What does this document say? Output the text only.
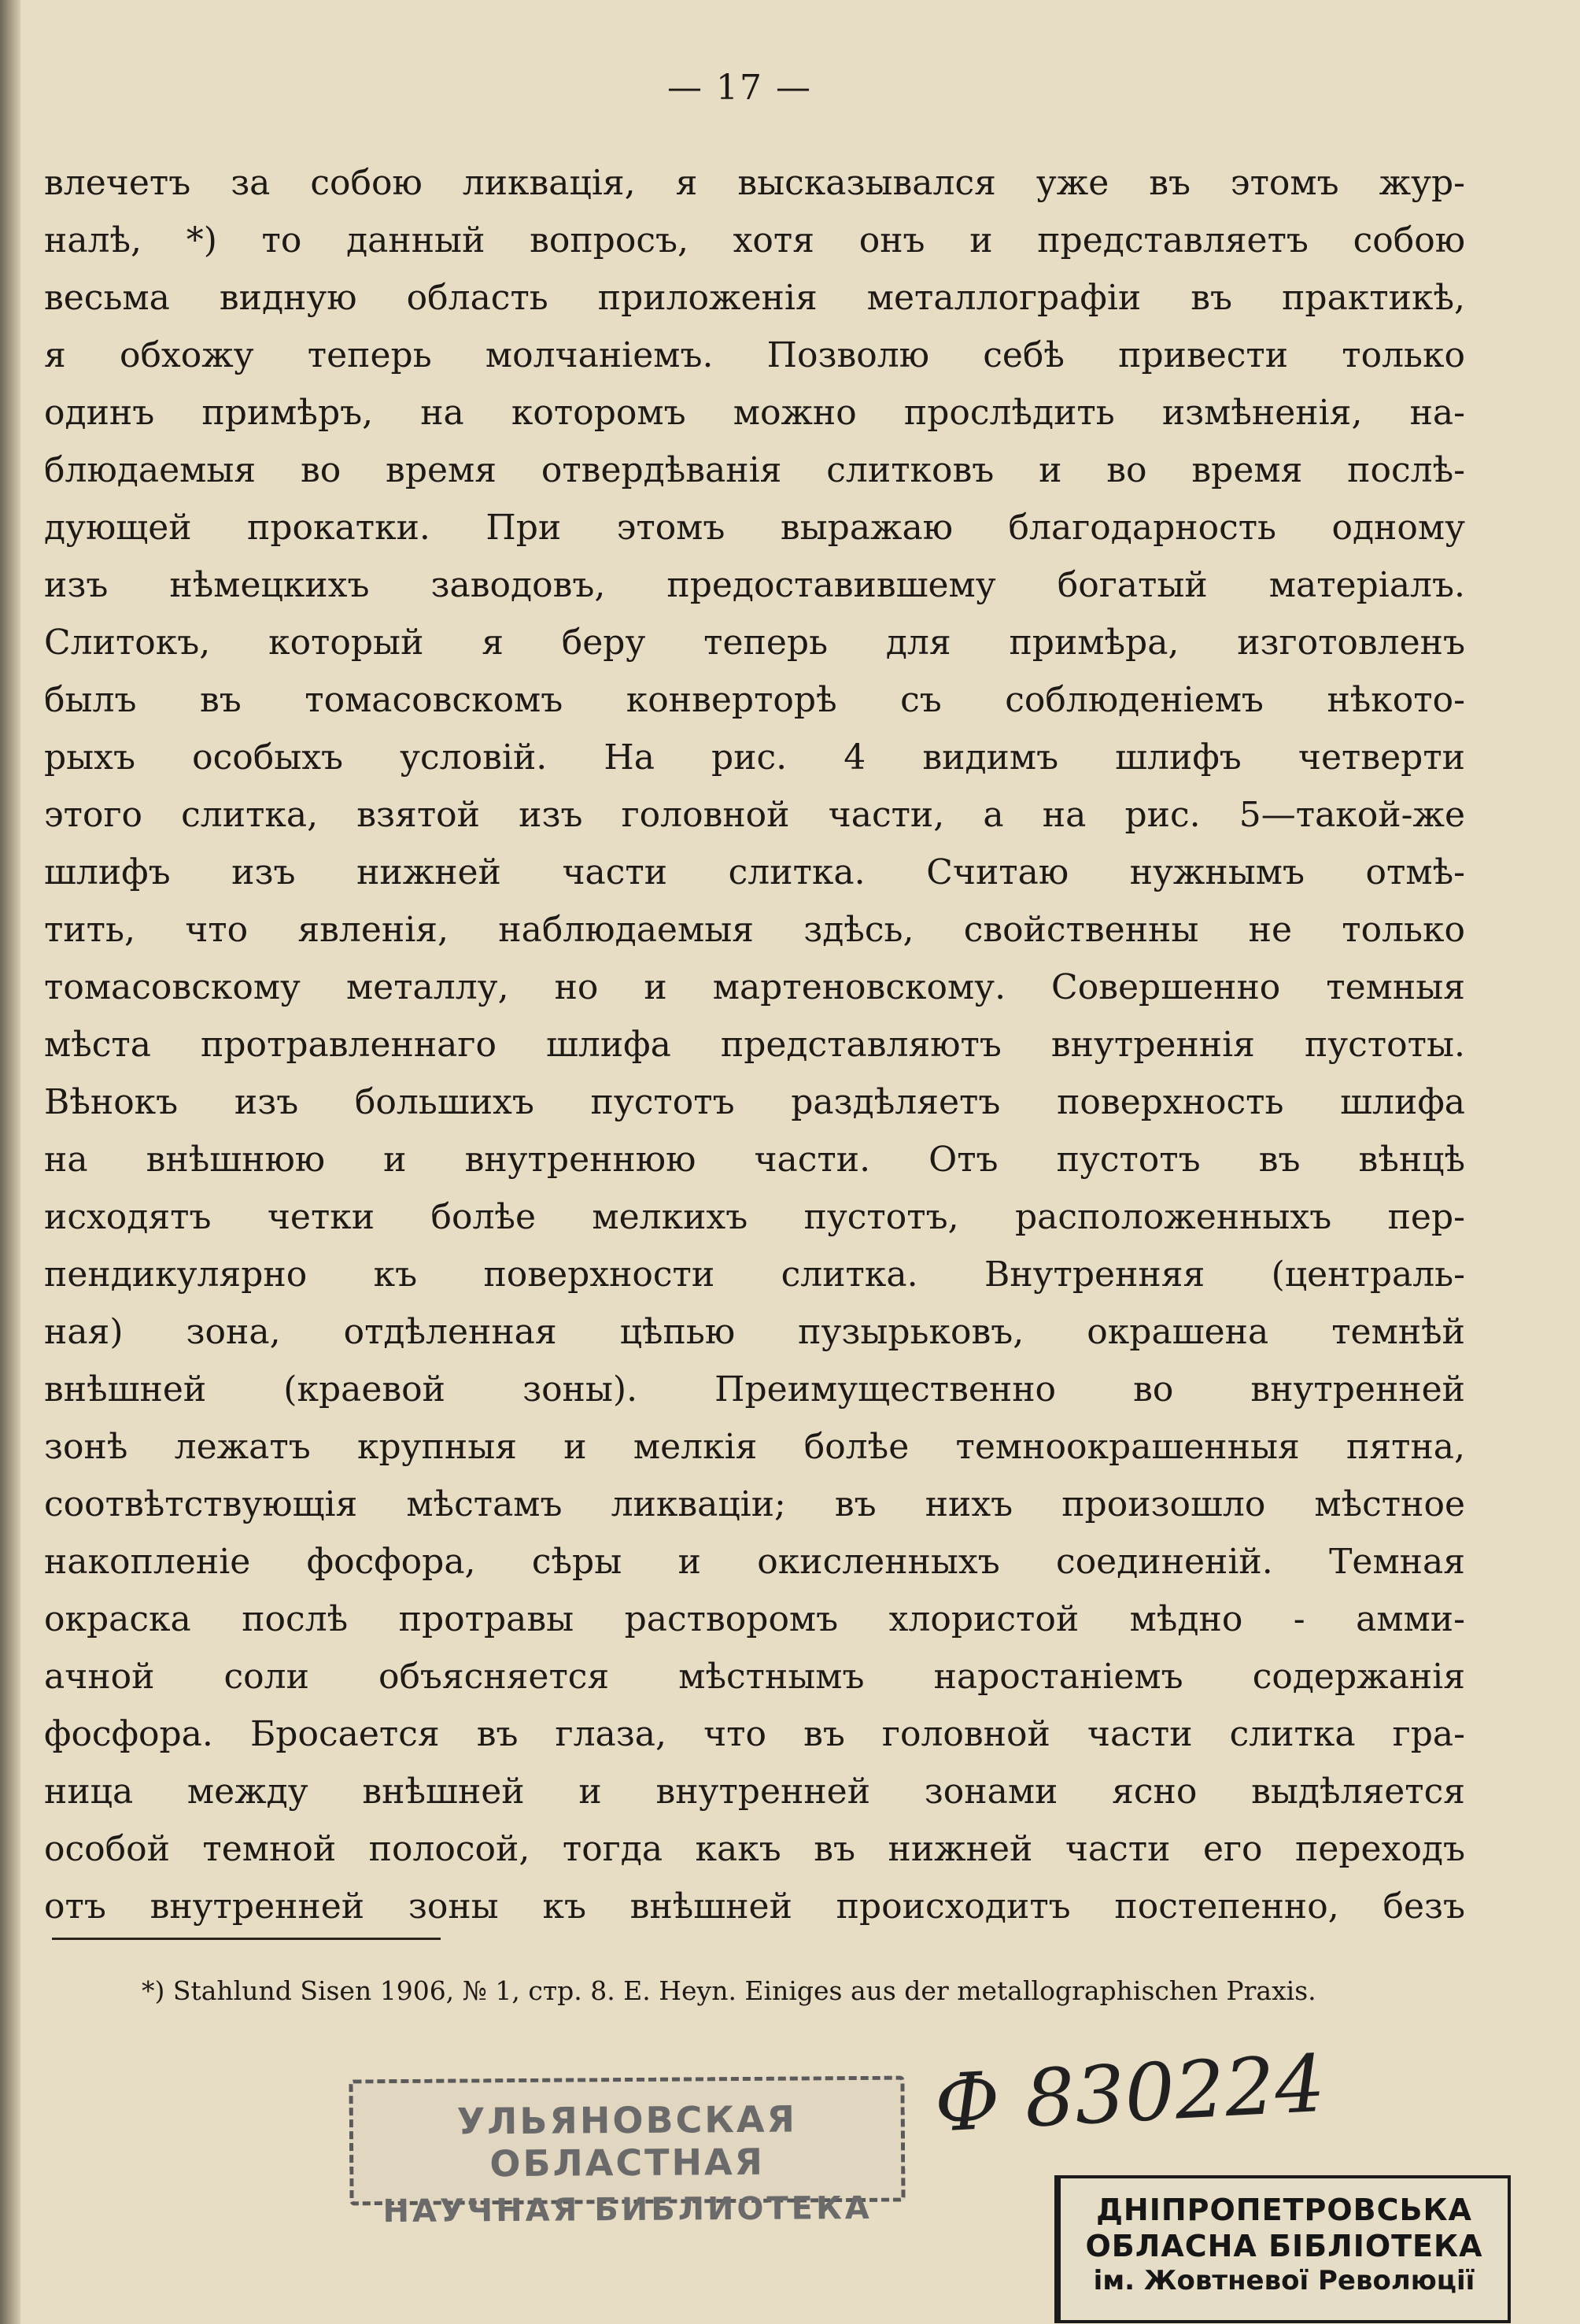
— 17 —
влечетъ за собою ликвація, я высказывался уже въ этомъ жур-
налѣ, *) то данный вопросъ, хотя онъ и представляетъ собою
весьма видную область приложенія металлографіи въ практикѣ,
я обхожу теперь молчаніемъ. Позволю себѣ привести только
одинъ примѣръ, на которомъ можно прослѣдить измѣненія, на-
блюдаемыя во время отвердѣванія слитковъ и во время послѣ-
дующей прокатки. При этомъ выражаю благодарность одному
изъ нѣмецкихъ заводовъ, предоставившему богатый матеріалъ.
Слитокъ, который я беру теперь для примѣра, изготовленъ
былъ въ томасовскомъ конверторѣ съ соблюденіемъ нѣкото-
рыхъ особыхъ условій. На рис. 4 видимъ шлифъ четверти
этого слитка, взятой изъ головной части, а на рис. 5—такой-же
шлифъ изъ нижней части слитка. Считаю нужнымъ отмѣ-
тить, что явленія, наблюдаемыя здѣсь, свойственны не только
томасовскому металлу, но и мартеновскому. Совершенно темныя
мѣста протравленнаго шлифа представляютъ внутреннія пустоты.
Вѣнокъ изъ большихъ пустотъ раздѣляетъ поверхность шлифа
на внѣшнюю и внутреннюю части. Отъ пустотъ въ вѣнцѣ
исходятъ четки болѣе мелкихъ пустотъ, расположенныхъ пер-
пендикулярно къ поверхности слитка. Внутренняя (централь-
ная) зона, отдѣленная цѣпью пузырьковъ, окрашена темнѣй
внѣшней (краевой зоны). Преимущественно во внутренней
зонѣ лежатъ крупныя и мелкія болѣе темноокрашенныя пятна,
соотвѣтствующія мѣстамъ ликваціи; въ нихъ произошло мѣстное
накопленіе фосфора, сѣры и окисленныхъ соединеній. Темная
окраска послѣ протравы растворомъ хлористой мѣдно - амми-
ачной соли объясняется мѣстнымъ наростаніемъ содержанія
фосфора. Бросается въ глаза, что въ головной части слитка гра-
ница между внѣшней и внутренней зонами ясно выдѣляется
особой темной полосой, тогда какъ въ нижней части его переходъ
отъ внутренней зоны къ внѣшней происходитъ постепенно, безъ
*) Stahlund Sisen 1906, № 1, стр. 8. E. Heyn. Einiges aus der metallographischen Praxis.
УЛЬЯНОВСКАЯ ОБЛАСТНАЯ
НАУЧНАЯ БИБЛИОТЕКА
Ф 830224
ДНІПРОПЕТРОВСЬКА
ОБЛАСНА БІБЛІОТЕКА
ім. Жовтневої Революції
